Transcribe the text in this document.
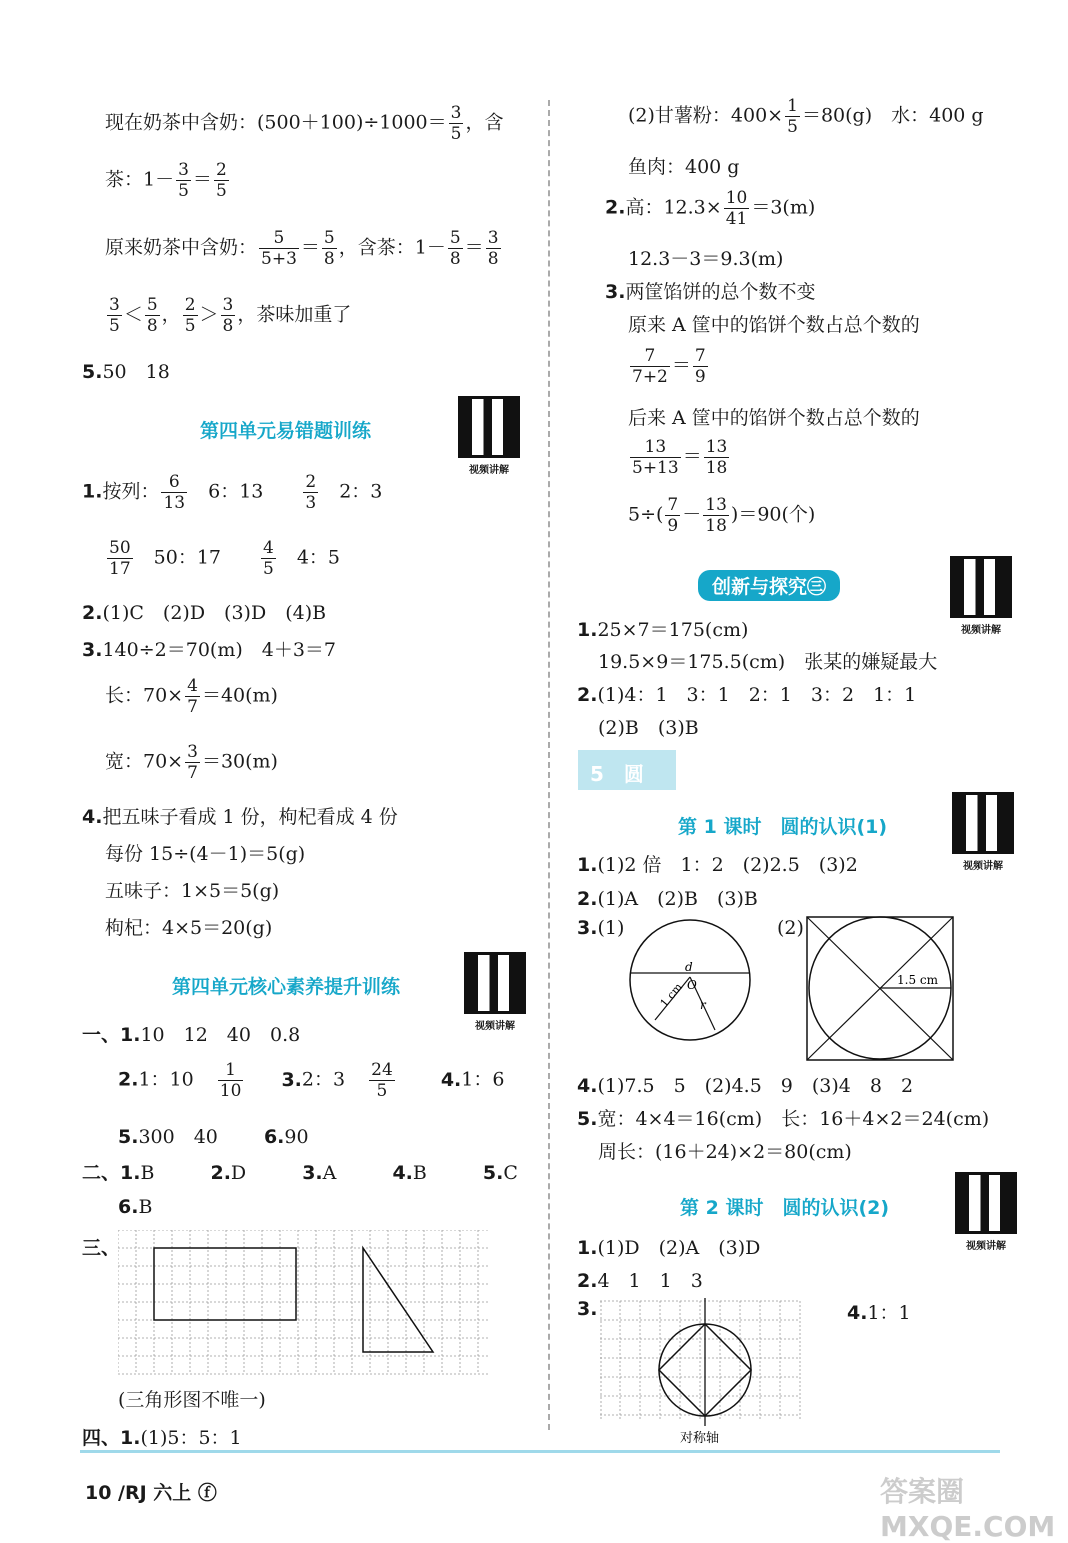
现在奶茶中含奶：$(500+100)\div 1000= \frac{3}{5}$ ，含
茶：$1- \frac{3}{5} = \frac{2}{5}$
原来奶茶中含奶： $\frac{5}{5+3} = \frac{5}{8}$ ，含茶：$1- \frac{5}{8} = \frac{3}{8}$
$\frac{3}{5} < \frac{5}{8}$ ， $\frac{2}{5} > \frac{3}{8}$ ，茶味加重了
5.50　18
第四单元易错题训练
视频讲解
1.按列： $\frac{6}{13}$ 　6：13　　 $\frac{2}{3}$ 　2：3
$\frac{50}{17}$ 　50：17　　 $\frac{4}{5}$ 　4：5
2.(1)C　(2)D　(3)D　(4)B
3.140÷2＝70(m)　4＋3＝7
长：$70\times \frac{4}{7} =40(m)$
宽：$70\times \frac{3}{7} =30(m)$
4.把五味子看成 1 份，枸杞看成 4 份
每份 15÷(4－1)＝5(g)
五味子：1×5＝5(g)
枸杞：4×5＝20(g)
第四单元核心素养提升训练
视频讲解
一、1.10　12　40　0.8
2.1：$10 \frac{1}{10} 3.2$：$3 \frac{24}{5} 4.1$：6
5.300　40 6.90
二、1.B	2.D	3.A	4.B	5.C
6.B
三、
(三角形图不唯一)
四、1.(1)5：5：1
(2)甘薯粉：$400\times \frac{1}{5} =80(g)$　水：400 g
鱼肉：400 g
2.高：$12.3\times \frac{10}{41} =3(m)$
12.3－3＝9.3(m)
3.两筐馅饼的总个数不变
原来 A 筐中的馅饼个数占总个数的
$\frac{7}{7+2} = \frac{7}{9}$
后来 A 筐中的馅饼个数占总个数的
$\frac{13}{5+13} = \frac{13}{18}$
$5\div( \frac{7}{9} - \frac{13}{18} )=90$(个)
创新与探究㊂
视频讲解
1.25×7＝175(cm)
19.5×9＝175.5(cm)　张某的嫌疑最大
2.(1)4：1　3：1　2：1　3：2　1：1
(2)B　(3)B
5　圆
第 1 课时　圆的认识(1)
视频讲解
1.(1)2 倍　1：2　(2)2.5　(3)2
2.(1)A　(2)B　(3)B
3.(1)	(2)
d
O
r
1 cm
1.5 cm
4.(1)7.5　5　(2)4.5　9　(3)4　8　2
5.宽：4×4＝16(cm)　长：16＋4×2＝24(cm)
周长：(16＋24)×2＝80(cm)
第 2 课时　圆的认识(2)
视频讲解
1.(1)D　(2)A　(3)D
2.4　1　1　3
3.	4.1：1
对称轴
10 /RJ 六上 ⓕ	答案圈 MXQE.COM
